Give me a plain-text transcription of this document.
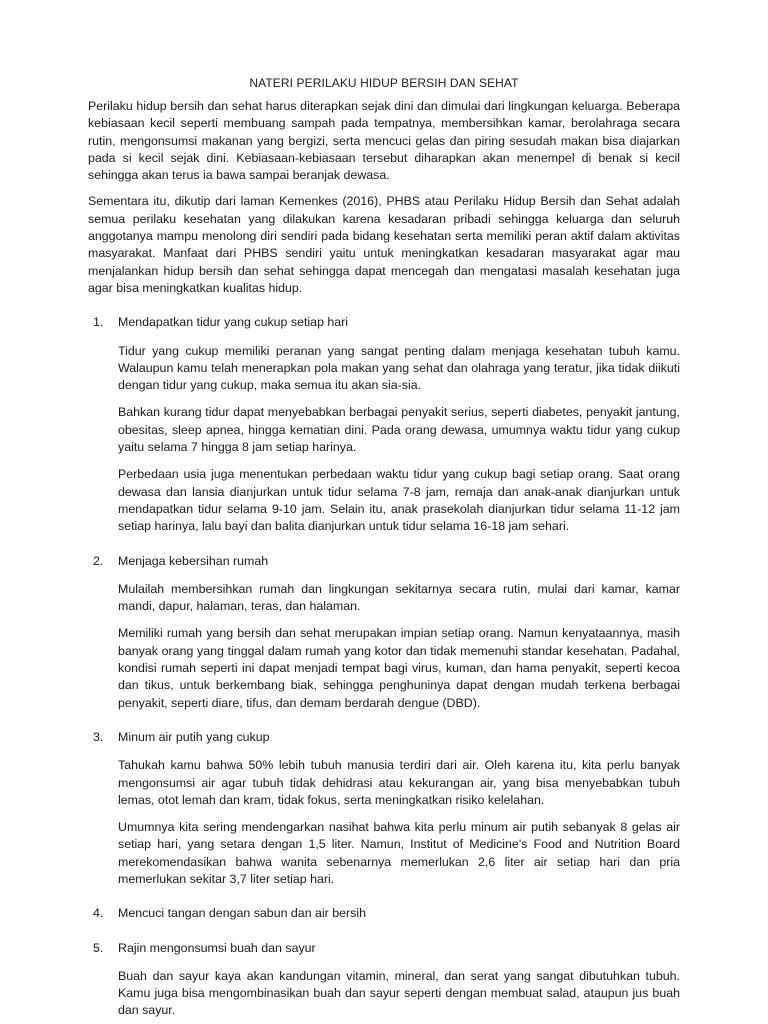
NATERI PERILAKU HIDUP BERSIH DAN SEHAT

Perilaku hidup bersih dan sehat harus diterapkan sejak dini dan dimulai dari lingkungan keluarga. Beberapa kebiasaan kecil seperti membuang sampah pada tempatnya, membersihkan kamar, berolahraga secara rutin, mengonsumsi makanan yang bergizi, serta mencuci gelas dan piring sesudah makan bisa diajarkan pada si kecil sejak dini. Kebiasaan-kebiasaan tersebut diharapkan akan menempel di benak si kecil sehingga akan terus ia bawa sampai beranjak dewasa.

Sementara itu, dikutip dari laman Kemenkes (2016), PHBS atau Perilaku Hidup Bersih dan Sehat adalah semua perilaku kesehatan yang dilakukan karena kesadaran pribadi sehingga keluarga dan seluruh anggotanya mampu menolong diri sendiri pada bidang kesehatan serta memiliki peran aktif dalam aktivitas masyarakat. Manfaat dari PHBS sendiri yaitu untuk meningkatkan kesadaran masyarakat agar mau menjalankan hidup bersih dan sehat sehingga dapat mencegah dan mengatasi masalah kesehatan juga agar bisa meningkatkan kualitas hidup.

1.	Mendapatkan tidur yang cukup setiap hari

Tidur yang cukup memiliki peranan yang sangat penting dalam menjaga kesehatan tubuh kamu. Walaupun kamu telah menerapkan pola makan yang sehat dan olahraga yang teratur, jika tidak diikuti dengan tidur yang cukup, maka semua itu akan sia-sia.

Bahkan kurang tidur dapat menyebabkan berbagai penyakit serius, seperti diabetes, penyakit jantung, obesitas, sleep apnea, hingga kematian dini. Pada orang dewasa, umumnya waktu tidur yang cukup yaitu selama 7 hingga 8 jam setiap harinya.

Perbedaan usia juga menentukan perbedaan waktu tidur yang cukup bagi setiap orang. Saat orang dewasa dan lansia dianjurkan untuk tidur selama 7-8 jam, remaja dan anak-anak dianjurkan untuk mendapatkan tidur selama 9-10 jam. Selain itu, anak prasekolah dianjurkan tidur selama 11-12 jam setiap harinya, lalu bayi dan balita dianjurkan untuk tidur selama 16-18 jam sehari.

2.	Menjaga kebersihan rumah

Mulailah membersihkan rumah dan lingkungan sekitarnya secara rutin, mulai dari kamar, kamar mandi, dapur, halaman, teras, dan halaman.

Memiliki rumah yang bersih dan sehat merupakan impian setiap orang. Namun kenyataannya, masih banyak orang yang tinggal dalam rumah yang kotor dan tidak memenuhi standar kesehatan. Padahal, kondisi rumah seperti ini dapat menjadi tempat bagi virus, kuman, dan hama penyakit, seperti kecoa dan tikus, untuk berkembang biak, sehingga penghuninya dapat dengan mudah terkena berbagai penyakit, seperti diare, tifus, dan demam berdarah dengue (DBD).

3.	Minum air putih yang cukup

Tahukah kamu bahwa 50% lebih tubuh manusia terdiri dari air. Oleh karena itu, kita perlu banyak mengonsumsi air agar tubuh tidak dehidrasi atau kekurangan air, yang bisa menyebabkan tubuh lemas, otot lemah dan kram, tidak fokus, serta meningkatkan risiko kelelahan.

Umumnya kita sering mendengarkan nasihat bahwa kita perlu minum air putih sebanyak 8 gelas air setiap hari, yang setara dengan 1,5 liter. Namun, Institut of Medicine's Food and Nutrition Board merekomendasikan bahwa wanita sebenarnya memerlukan 2,6 liter air setiap hari dan pria memerlukan sekitar 3,7 liter setiap hari.

4.	Mencuci tangan dengan sabun dan air bersih
5.	Rajin mengonsumsi buah dan sayur

Buah dan sayur kaya akan kandungan vitamin, mineral, dan serat yang sangat dibutuhkan tubuh. Kamu juga bisa mengombinasikan buah dan sayur seperti dengan membuat salad, ataupun jus buah dan sayur.
